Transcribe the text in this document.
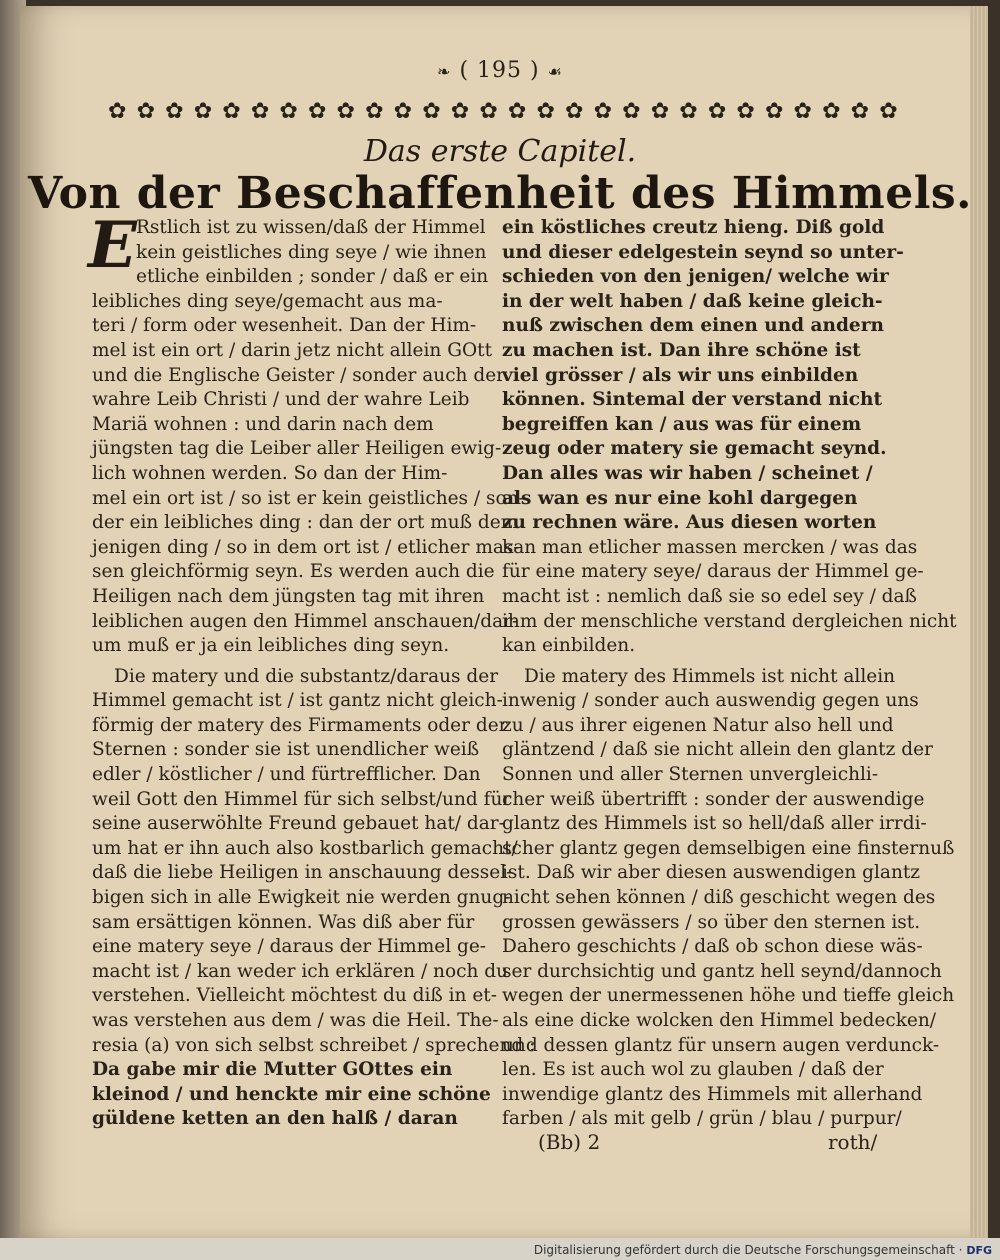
❧ ( 195 ) ☙
✿ ✿ ✿ ✿ ✿ ✿ ✿ ✿ ✿ ✿ ✿ ✿ ✿ ✿ ✿ ✿ ✿ ✿ ✿ ✿ ✿ ✿ ✿ ✿ ✿ ✿ ✿ ✿
Das erste Capitel.
Von der Beschaffenheit des Himmels.
E Rstlich ist zu wissen/daß der Himmel
kein geistliches ding seye / wie ihnen
etliche einbilden ; sonder / daß er ein
leibliches ding seye/gemacht aus ma-
teri / form oder wesenheit. Dan der Him-
mel ist ein ort / darin jetz nicht allein GOtt
und die Englische Geister / sonder auch der
wahre Leib Christi / und der wahre Leib
Mariä wohnen : und darin nach dem
jüngsten tag die Leiber aller Heiligen ewig-
lich wohnen werden. So dan der Him-
mel ein ort ist / so ist er kein geistliches / son-
der ein leibliches ding : dan der ort muß dem
jenigen ding / so in dem ort ist / etlicher mas-
sen gleichförmig seyn. Es werden auch die
Heiligen nach dem jüngsten tag mit ihren
leiblichen augen den Himmel anschauen/dar-
um muß er ja ein leibliches ding seyn.
Die matery und die substantz/daraus der
Himmel gemacht ist / ist gantz nicht gleich-
förmig der matery des Firmaments oder der
Sternen : sonder sie ist unendlicher weiß
edler / köstlicher / und fürtrefflicher. Dan
weil Gott den Himmel für sich selbst/und für
seine auserwöhlte Freund gebauet hat/ dar-
um hat er ihn auch also kostbarlich gemacht/
daß die liebe Heiligen in anschauung dessel-
bigen sich in alle Ewigkeit nie werden gnug-
sam ersättigen können. Was diß aber für
eine matery seye / daraus der Himmel ge-
macht ist / kan weder ich erklären / noch du
verstehen. Vielleicht möchtest du diß in et-
was verstehen aus dem / was die Heil. The-
resia (a) von sich selbst schreibet / sprechend :
Da gabe mir die Mutter GOttes ein
kleinod / und henckte mir eine schöne
güldene ketten an den halß / daran
ein köstliches creutz hieng. Diß gold
und dieser edelgestein seynd so unter-
schieden von den jenigen/ welche wir
in der welt haben / daß keine gleich-
nuß zwischen dem einen und andern
zu machen ist. Dan ihre schöne ist
viel grösser / als wir uns einbilden
können. Sintemal der verstand nicht
begreiffen kan / aus was für einem
zeug oder matery sie gemacht seynd.
Dan alles was wir haben / scheinet /
als wan es nur eine kohl dargegen
zu rechnen wäre. Aus diesen worten
kan man etlicher massen mercken / was das
für eine matery seye/ daraus der Himmel ge-
macht ist : nemlich daß sie so edel sey / daß
ihm der menschliche verstand dergleichen nicht
kan einbilden.
Die matery des Himmels ist nicht allein
inwenig / sonder auch auswendig gegen uns
zu / aus ihrer eigenen Natur also hell und
gläntzend / daß sie nicht allein den glantz der
Sonnen und aller Sternen unvergleichli-
cher weiß übertrifft : sonder der auswendige
glantz des Himmels ist so hell/daß aller irrdi-
scher glantz gegen demselbigen eine finsternuß
ist. Daß wir aber diesen auswendigen glantz
nicht sehen können / diß geschicht wegen des
grossen gewässers / so über den sternen ist.
Dahero geschichts / daß ob schon diese wäs-
ser durchsichtig und gantz hell seynd/dannoch
wegen der unermessenen höhe und tieffe gleich
als eine dicke wolcken den Himmel bedecken/
und dessen glantz für unsern augen verdunck-
len. Es ist auch wol zu glauben / daß der
inwendige glantz des Himmels mit allerhand
farben / als mit gelb / grün / blau / purpur/
(Bb) 2	roth/
Digitalisierung gefördert durch die Deutsche Forschungsgemeinschaft · DFG
